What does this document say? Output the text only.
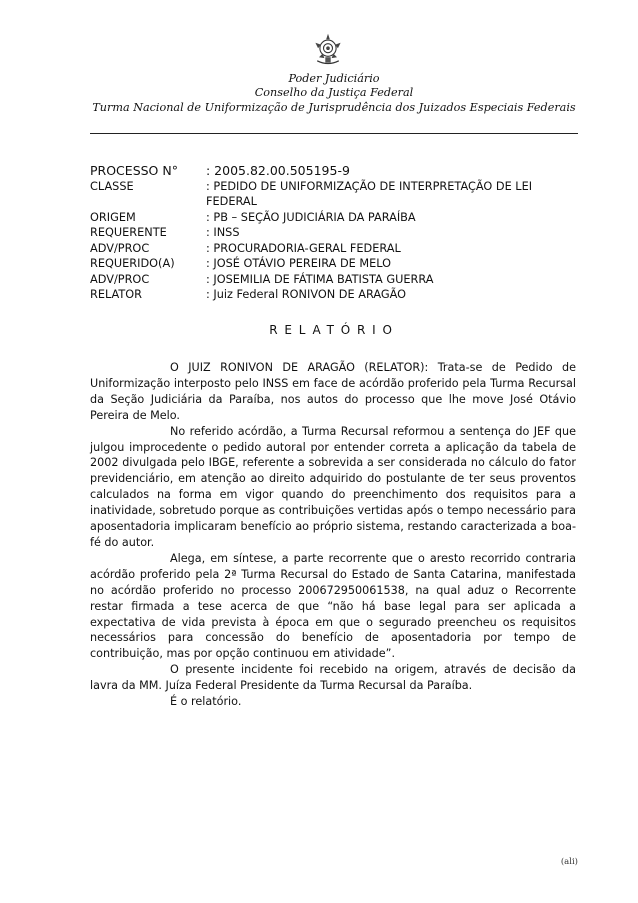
Poder Judiciário
Conselho da Justiça Federal
Turma Nacional de Uniformização de Jurisprudência dos Juizados Especiais Federais
PROCESSO N°	: 2005.82.00.505195-9
CLASSE	: PEDIDO DE UNIFORMIZAÇÃO DE INTERPRETAÇÃO DE LEI FEDERAL
ORIGEM	: PB – SEÇÃO JUDICIÁRIA DA PARAÍBA
REQUERENTE	: INSS
ADV/PROC	: PROCURADORIA-GERAL FEDERAL
REQUERIDO(A)	: JOSÉ OTÁVIO PEREIRA DE MELO
ADV/PROC	: JOSEMILIA DE FÁTIMA BATISTA GUERRA
RELATOR	: Juiz Federal RONIVON DE ARAGÃO
RELATÓRIO

O JUIZ RONIVON DE ARAGÃO (RELATOR): Trata-se de Pedido de Uniformização interposto pelo INSS em face de acórdão proferido pela Turma Recursal da Seção Judiciária da Paraíba, nos autos do processo que lhe move José Otávio Pereira de Melo.

No referido acórdão, a Turma Recursal reformou a sentença do JEF que julgou improcedente o pedido autoral por entender correta a aplicação da tabela de 2002 divulgada pelo IBGE, referente a sobrevida a ser considerada no cálculo do fator previdenciário, em atenção ao direito adquirido do postulante de ter seus proventos calculados na forma em vigor quando do preenchimento dos requisitos para a inatividade, sobretudo porque as contribuições vertidas após o tempo necessário para aposentadoria implicaram benefício ao próprio sistema, restando caracterizada a boa-fé do autor.

Alega, em síntese, a parte recorrente que o aresto recorrido contraria acórdão proferido pela 2ª Turma Recursal do Estado de Santa Catarina, manifestada no acórdão proferido no processo 200672950061538, na qual aduz o Recorrente restar firmada a tese acerca de que “não há base legal para ser aplicada a expectativa de vida prevista à época em que o segurado preencheu os requisitos necessários para concessão do benefício de aposentadoria por tempo de contribuição, mas por opção continuou em atividade”.

O presente incidente foi recebido na origem, através de decisão da lavra da MM. Juíza Federal Presidente da Turma Recursal da Paraíba.

É o relatório.

(ali)
